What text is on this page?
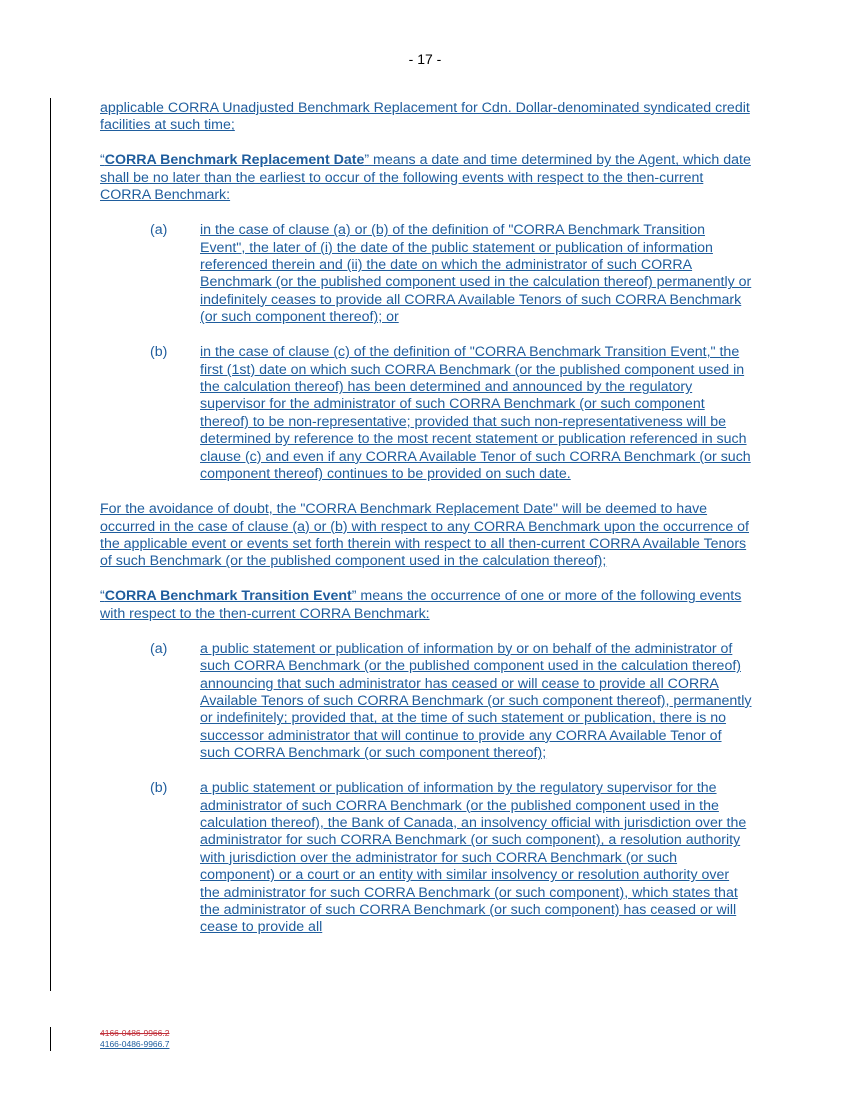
- 17 -

applicable CORRA Unadjusted Benchmark Replacement for Cdn. Dollar-denominated syndicated credit facilities at such time;

“CORRA Benchmark Replacement Date” means a date and time determined by the Agent, which date shall be no later than the earliest to occur of the following events with respect to the then-current CORRA Benchmark:

(a) in the case of clause (a) or (b) of the definition of "CORRA Benchmark Transition Event", the later of (i) the date of the public statement or publication of information referenced therein and (ii) the date on which the administrator of such CORRA Benchmark (or the published component used in the calculation thereof) permanently or indefinitely ceases to provide all CORRA Available Tenors of such CORRA Benchmark (or such component thereof); or
(b) in the case of clause (c) of the definition of "CORRA Benchmark Transition Event," the first (1st) date on which such CORRA Benchmark (or the published component used in the calculation thereof) has been determined and announced by the regulatory supervisor for the administrator of such CORRA Benchmark (or such component thereof) to be non-representative; provided that such non-representativeness will be determined by reference to the most recent statement or publication referenced in such clause (c) and even if any CORRA Available Tenor of such CORRA Benchmark (or such component thereof) continues to be provided on such date.

For the avoidance of doubt, the "CORRA Benchmark Replacement Date" will be deemed to have occurred in the case of clause (a) or (b) with respect to any CORRA Benchmark upon the occurrence of the applicable event or events set forth therein with respect to all then-current CORRA Available Tenors of such Benchmark (or the published component used in the calculation thereof);

“CORRA Benchmark Transition Event” means the occurrence of one or more of the following events with respect to the then-current CORRA Benchmark:

(a) a public statement or publication of information by or on behalf of the administrator of such CORRA Benchmark (or the published component used in the calculation thereof) announcing that such administrator has ceased or will cease to provide all CORRA Available Tenors of such CORRA Benchmark (or such component thereof), permanently or indefinitely; provided that, at the time of such statement or publication, there is no successor administrator that will continue to provide any CORRA Available Tenor of such CORRA Benchmark (or such component thereof);
(b) a public statement or publication of information by the regulatory supervisor for the administrator of such CORRA Benchmark (or the published component used in the calculation thereof), the Bank of Canada, an insolvency official with jurisdiction over the administrator for such CORRA Benchmark (or such component), a resolution authority with jurisdiction over the administrator for such CORRA Benchmark (or such component) or a court or an entity with similar insolvency or resolution authority over the administrator for such CORRA Benchmark (or such component), which states that the administrator of such CORRA Benchmark (or such component) has ceased or will cease to provide all
4166-0486-9966.2
4166-0486-9966.7
